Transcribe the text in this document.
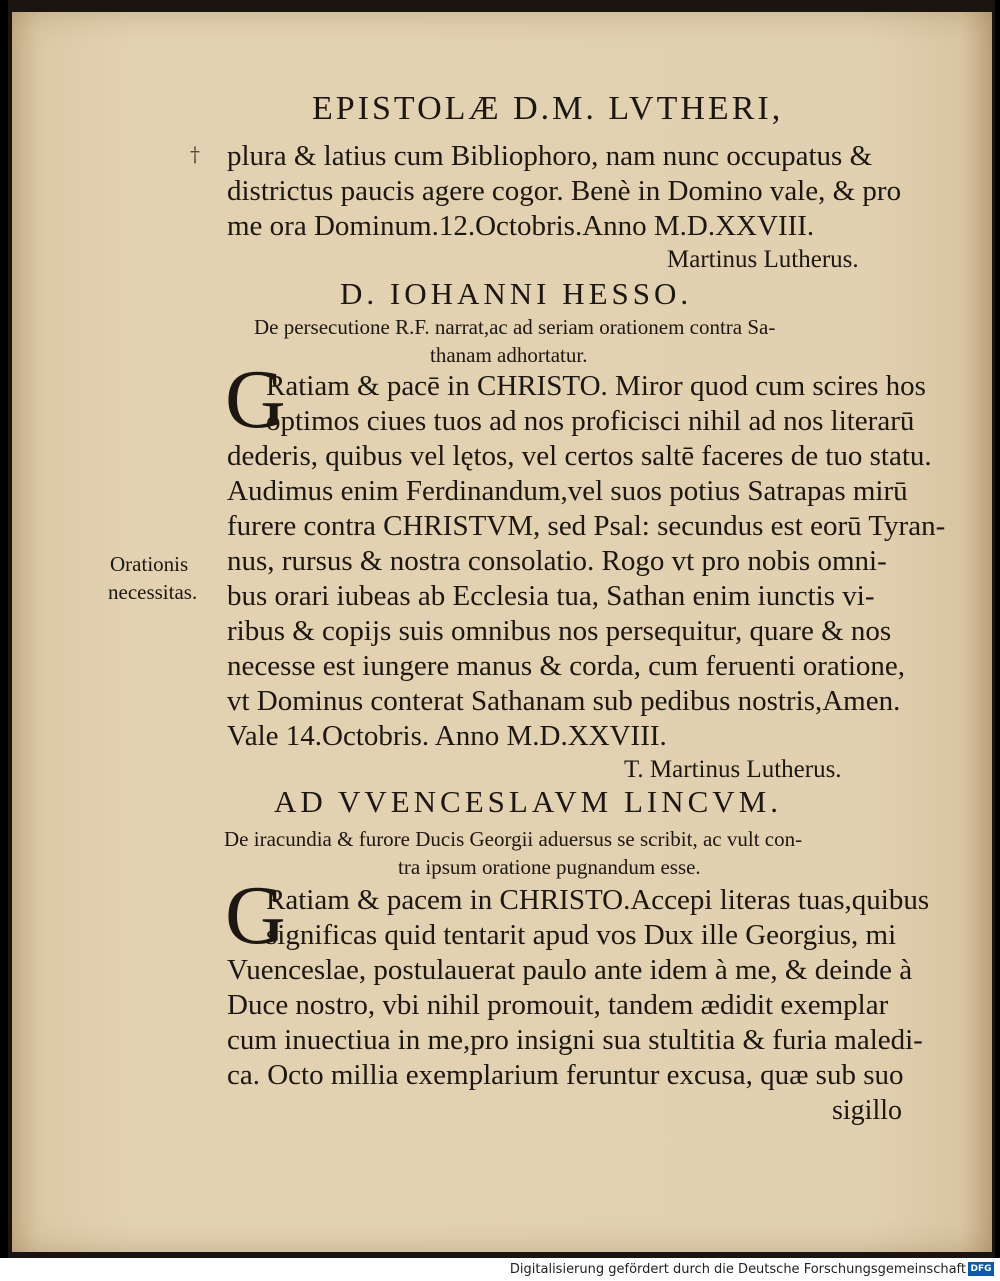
†
EPISTOLÆ D.M. LVTHERI,
plura & latius cum Bibliophoro, nam nunc occupatus &
districtus paucis agere cogor. Benè in Domino vale, & pro
me ora Dominum.12.Octobris.Anno M.D.XXVIII.
Martinus Lutherus.
D. IOHANNI HESSO.
De persecutione R.F. narrat,ac ad seriam orationem contra Sa-
thanam adhortatur.
G
Ratiam & pacē in CHRISTO. Miror quod cum scires hos
optimos ciues tuos ad nos proficisci nihil ad nos literarū
dederis, quibus vel lętos, vel certos saltē faceres de tuo statu.
Audimus enim Ferdinandum,vel suos potius Satrapas mirū
furere contra CHRISTVM, sed Psal: secundus est eorū Tyran-
nus, rursus & nostra consolatio. Rogo vt pro nobis omni-
bus orari iubeas ab Ecclesia tua, Sathan enim iunctis vi-
ribus & copijs suis omnibus nos persequitur, quare & nos
necesse est iungere manus & corda, cum feruenti oratione,
vt Dominus conterat Sathanam sub pedibus nostris,Amen.
Vale 14.Octobris. Anno M.D.XXVIII.
Orationis
necessitas.
T. Martinus Lutherus.
AD VVENCESLAVM LINCVM.
De iracundia & furore Ducis Georgii aduersus se scribit, ac vult con-
tra ipsum oratione pugnandum esse.
G
Ratiam & pacem in CHRISTO.Accepi literas tuas,quibus
significas quid tentarit apud vos Dux ille Georgius, mi
Vuenceslae, postulauerat paulo ante idem à me, & deinde à
Duce nostro, vbi nihil promouit, tandem ædidit exemplar
cum inuectiua in me,pro insigni sua stultitia & furia maledi-
ca. Octo millia exemplarium feruntur excusa, quæ sub suo
sigillo
Digitalisierung gefördert durch die Deutsche Forschungsgemeinschaft DFG
